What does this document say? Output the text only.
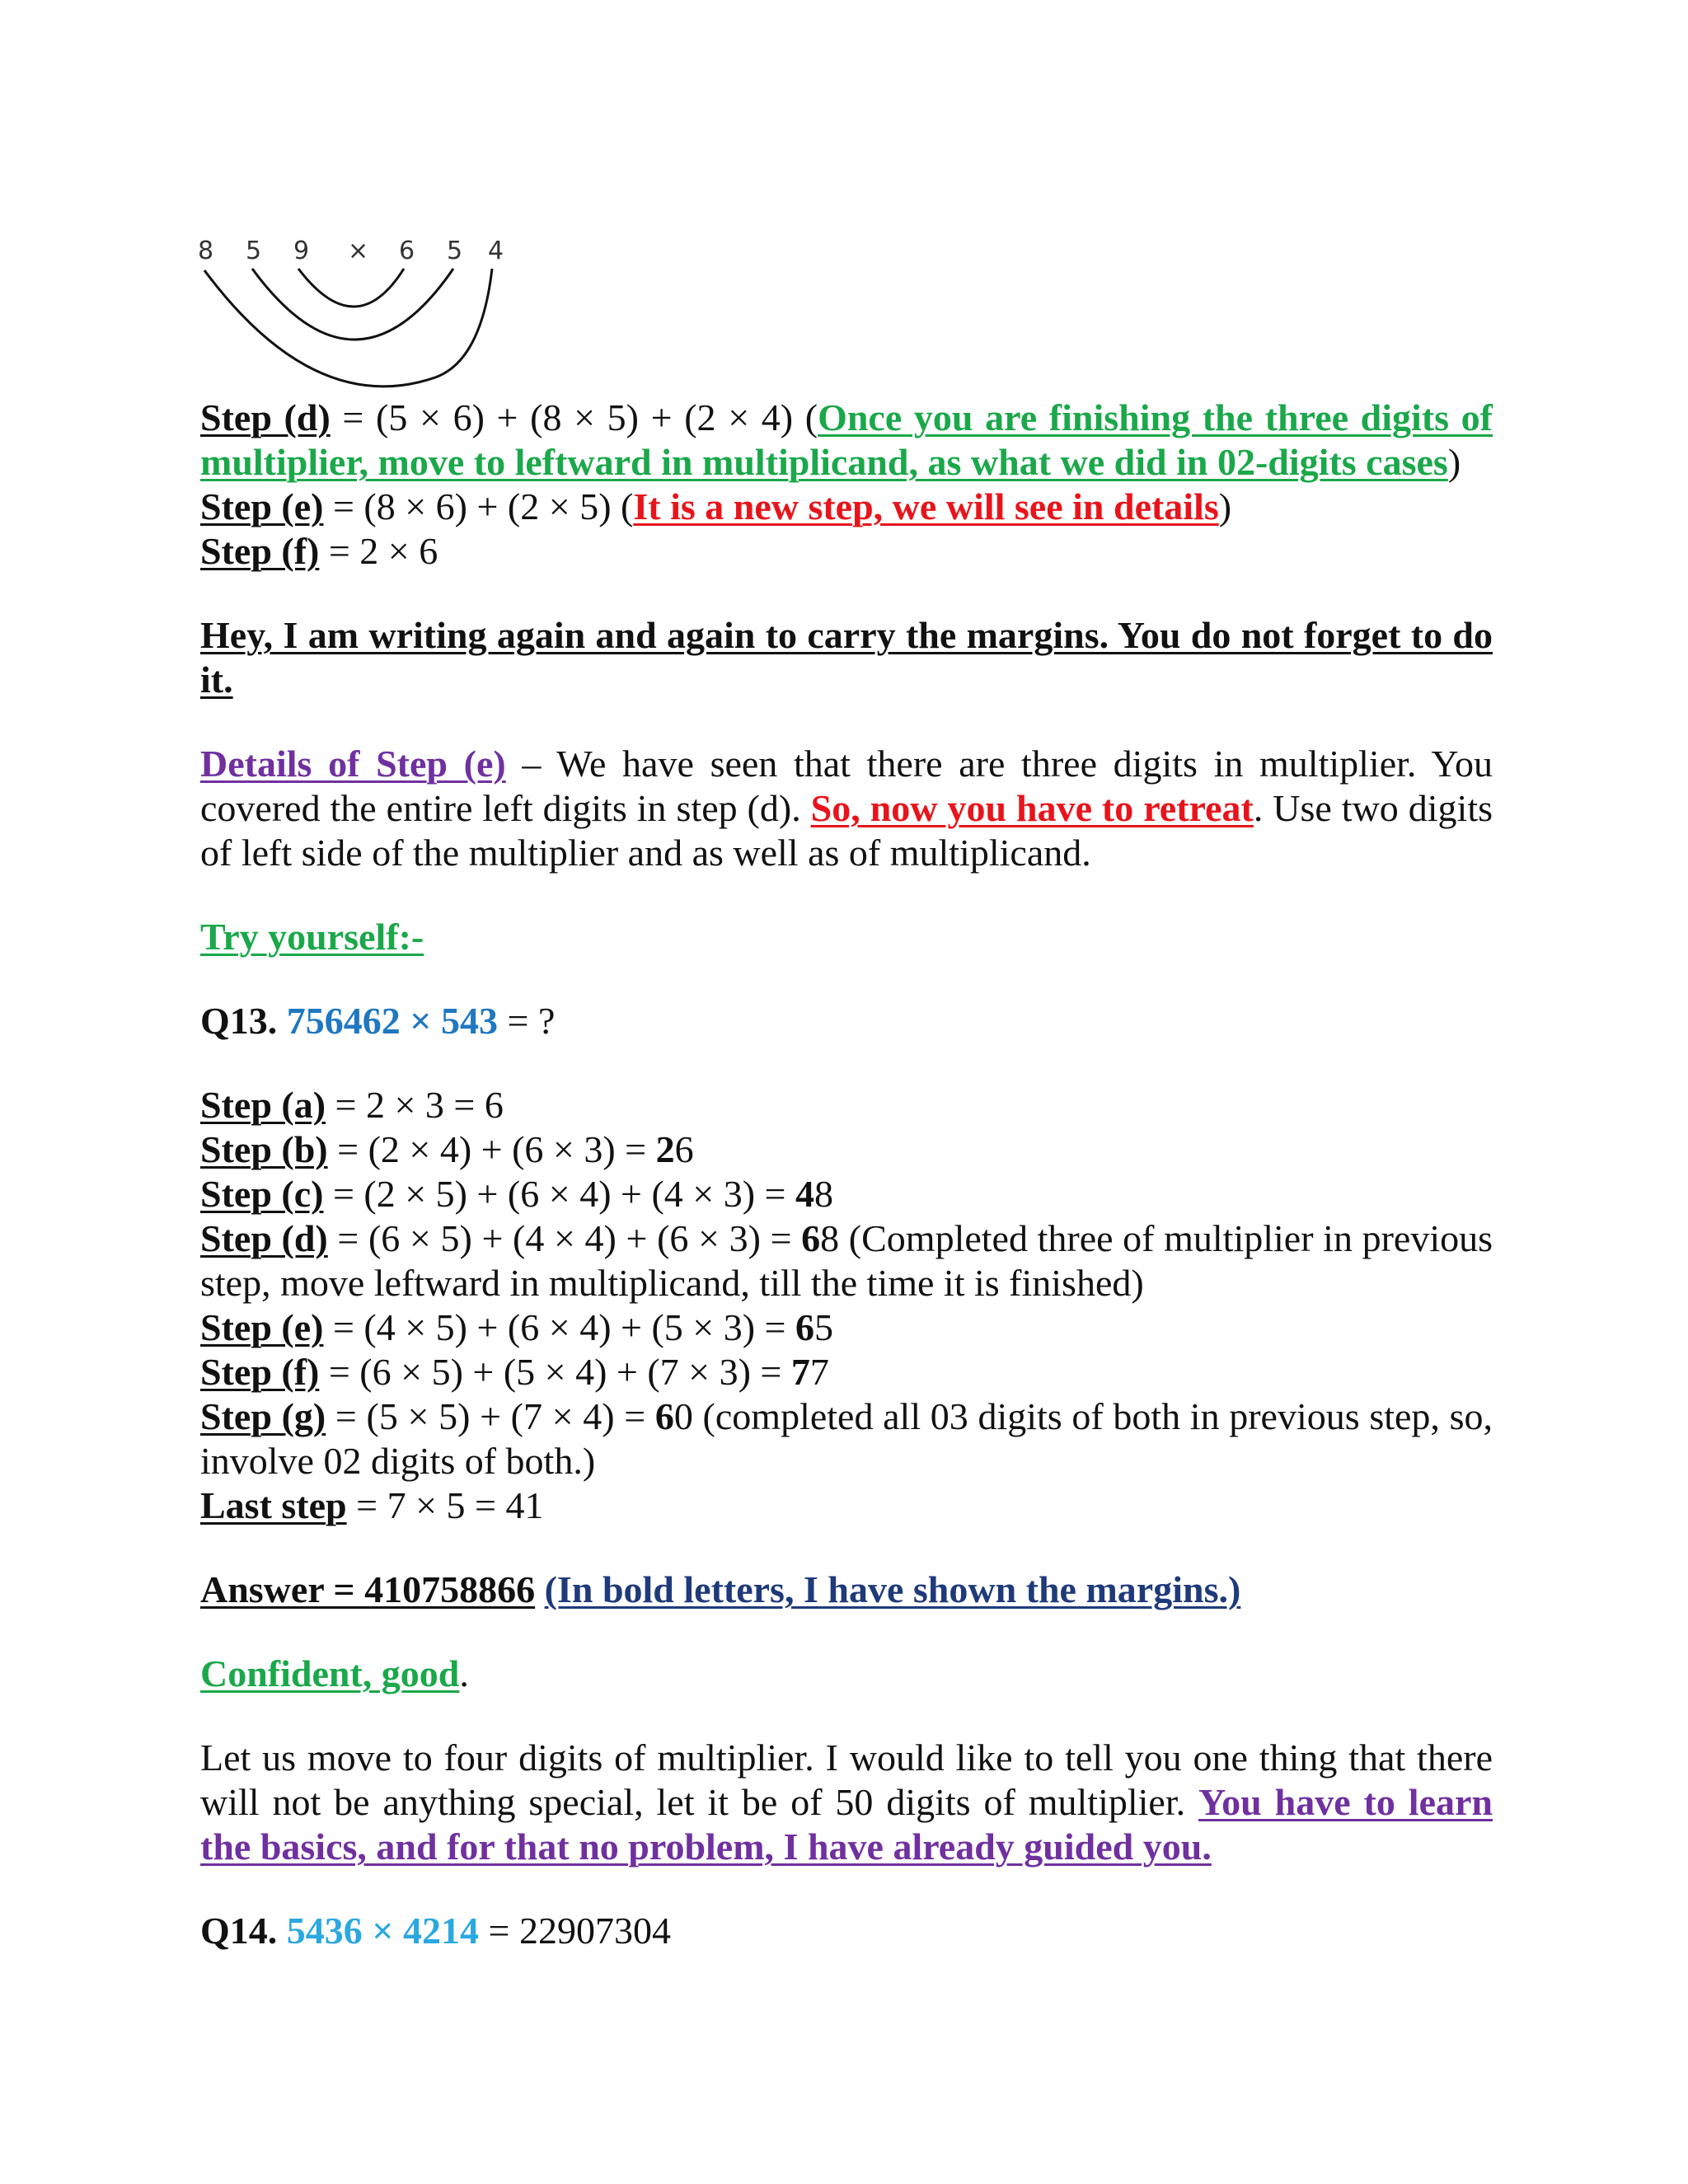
8 5 9 × 6 5 4
Step (d) = (5 × 6) + (8 × 5) + (2 × 4) (Once you are finishing the three digits of multiplier, move to leftward in multiplicand, as what we did in 02-digits cases)
Step (e) = (8 × 6) + (2 × 5) (It is a new step, we will see in details)
Step (f) = 2 × 6
Hey, I am writing again and again to carry the margins. You do not forget to do it.
Details of Step (e) – We have seen that there are three digits in multiplier. You covered the entire left digits in step (d). So, now you have to retreat. Use two digits of left side of the multiplier and as well as of multiplicand.
Try yourself:-
Q13. 756462 × 543 = ?
Step (a) = 2 × 3 = 6
Step (b) = (2 × 4) + (6 × 3) = 26
Step (c) = (2 × 5) + (6 × 4) + (4 × 3) = 48
Step (d) = (6 × 5) + (4 × 4) + (6 × 3) = 68 (Completed three of multiplier in previous step, move leftward in multiplicand, till the time it is finished)
Step (e) = (4 × 5) + (6 × 4) + (5 × 3) = 65
Step (f) = (6 × 5) + (5 × 4) + (7 × 3) = 77
Step (g) = (5 × 5) + (7 × 4) = 60 (completed all 03 digits of both in previous step, so, involve 02 digits of both.)
Last step = 7 × 5 = 41
Answer = 410758866 (In bold letters, I have shown the margins.)
Confident, good.
Let us move to four digits of multiplier. I would like to tell you one thing that there will not be anything special, let it be of 50 digits of multiplier. You have to learn the basics, and for that no problem, I have already guided you.
Q14. 5436 × 4214 = 22907304
